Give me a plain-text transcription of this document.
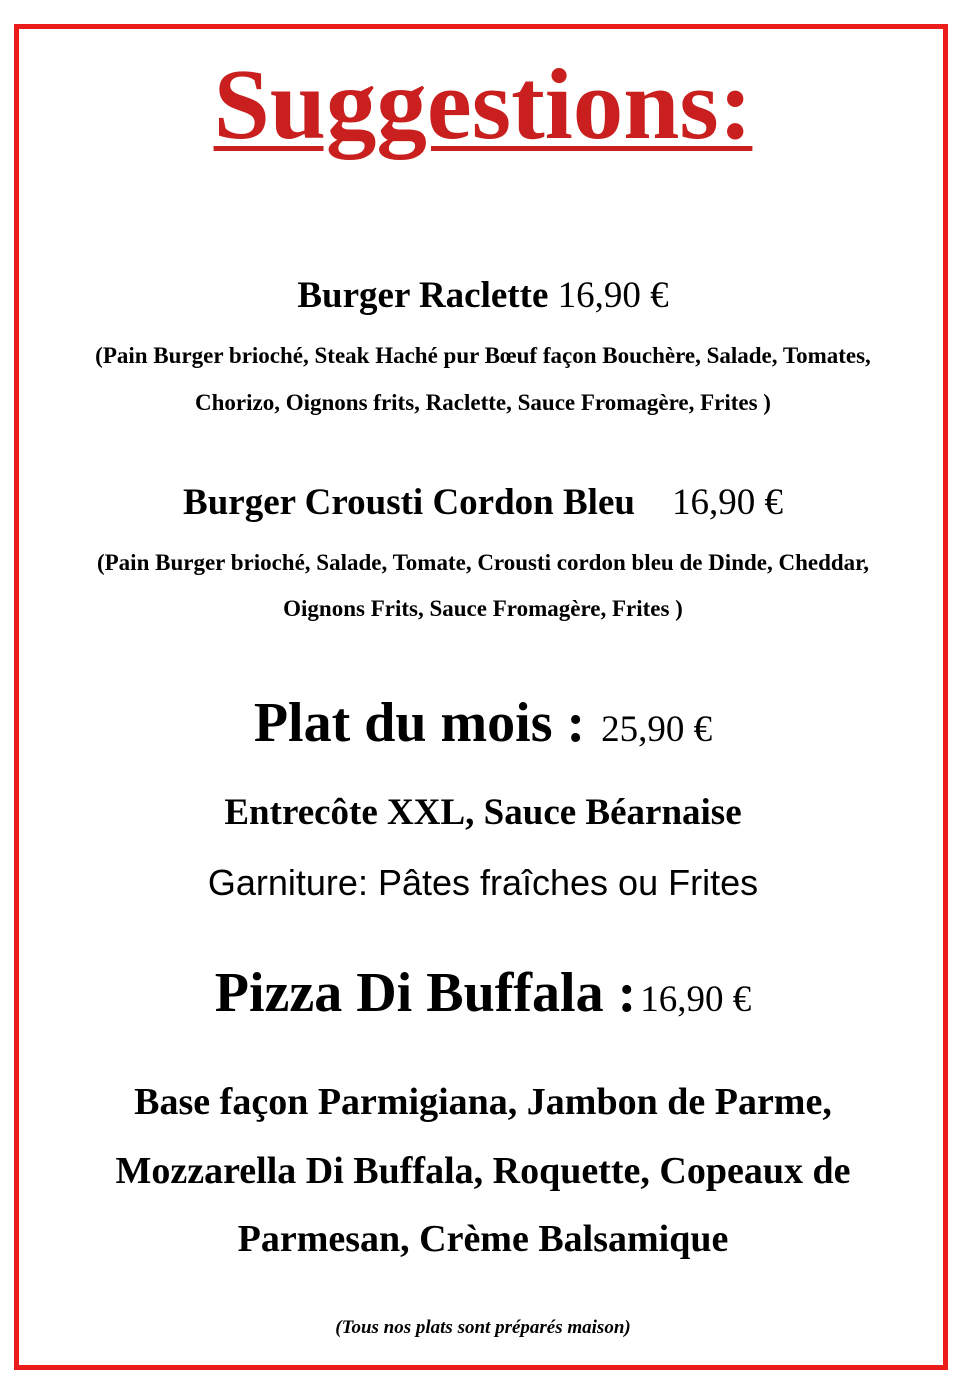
Suggestions:
Burger Raclette 16,90 €
(Pain Burger brioché, Steak Haché pur Bœuf façon Bouchère, Salade, Tomates,
Chorizo, Oignons frits, Raclette, Sauce Fromagère, Frites )
Burger Crousti Cordon Bleu 16,90 €
(Pain Burger brioché, Salade, Tomate, Crousti cordon bleu de Dinde, Cheddar,
Oignons Frits, Sauce Fromagère, Frites )
Plat du mois : 25,90 €
Entrecôte XXL, Sauce Béarnaise
Garniture: Pâtes fraîches ou Frites
Pizza Di Buffala : 16,90 €
Base façon Parmigiana, Jambon de Parme,
Mozzarella Di Buffala, Roquette, Copeaux de
Parmesan, Crème Balsamique
(Tous nos plats sont préparés maison)
